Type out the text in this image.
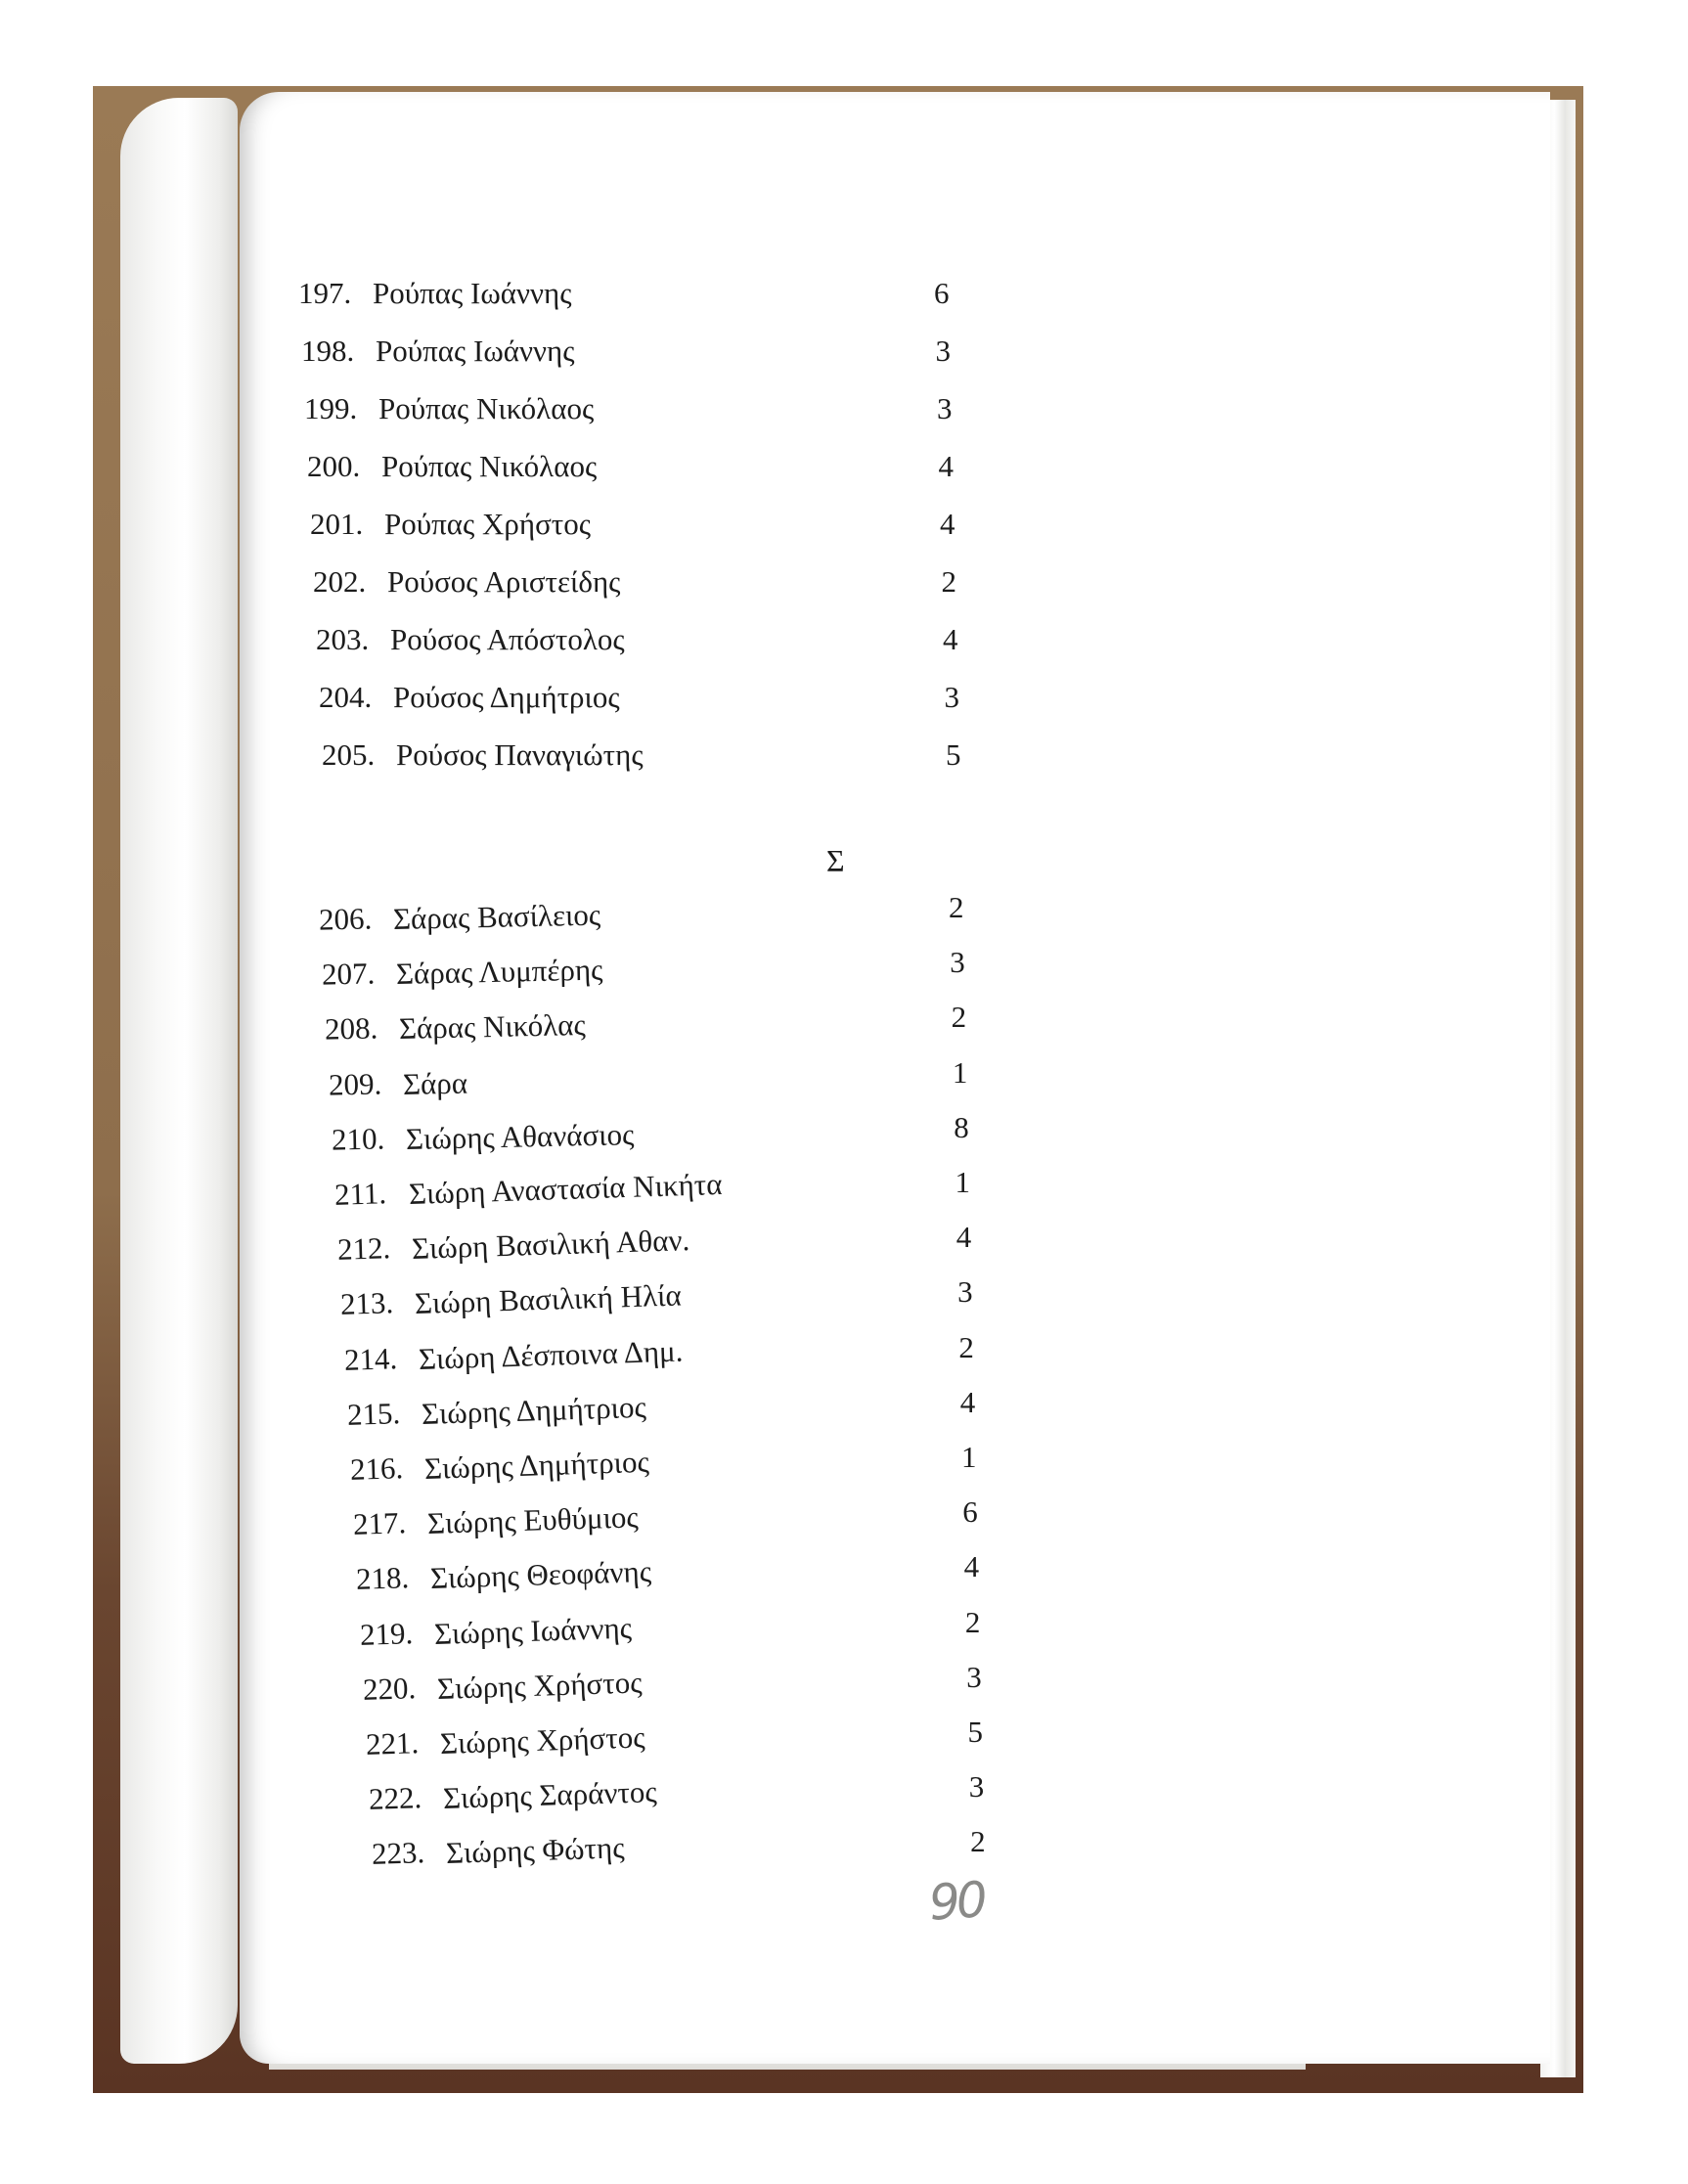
197. Ρούπας Ιωάννης	6
198. Ρούπας Ιωάννης	3
199. Ρούπας Νικόλαος	3
200. Ρούπας Νικόλαος	4
201. Ρούπας Χρήστος	4
202. Ρούσος Αριστείδης	2
203. Ρούσος Απόστολος	4
204. Ρούσος Δημήτριος	3
205. Ρούσος Παναγιώτης	5
206. Σάρας Βασίλειος	2
207. Σάρας Λυμπέρης	3
208. Σάρας Νικόλας	2
209. Σάρα	1
210. Σιώρης Αθανάσιος	8
211. Σιώρη Αναστασία Νικήτα	1
212. Σιώρη Βασιλική Αθαν.	4
213. Σιώρη Βασιλική Ηλία	3
214. Σιώρη Δέσποινα Δημ.	2
215. Σιώρης Δημήτριος	4
216. Σιώρης Δημήτριος	1
217. Σιώρης Ευθύμιος	6
218. Σιώρης Θεοφάνης	4
219. Σιώρης Ιωάννης	2
220. Σιώρης Χρήστος	3
221. Σιώρης Χρήστος	5
222. Σιώρης Σαράντος	3
223. Σιώρης Φώτης	2
Σ
90
